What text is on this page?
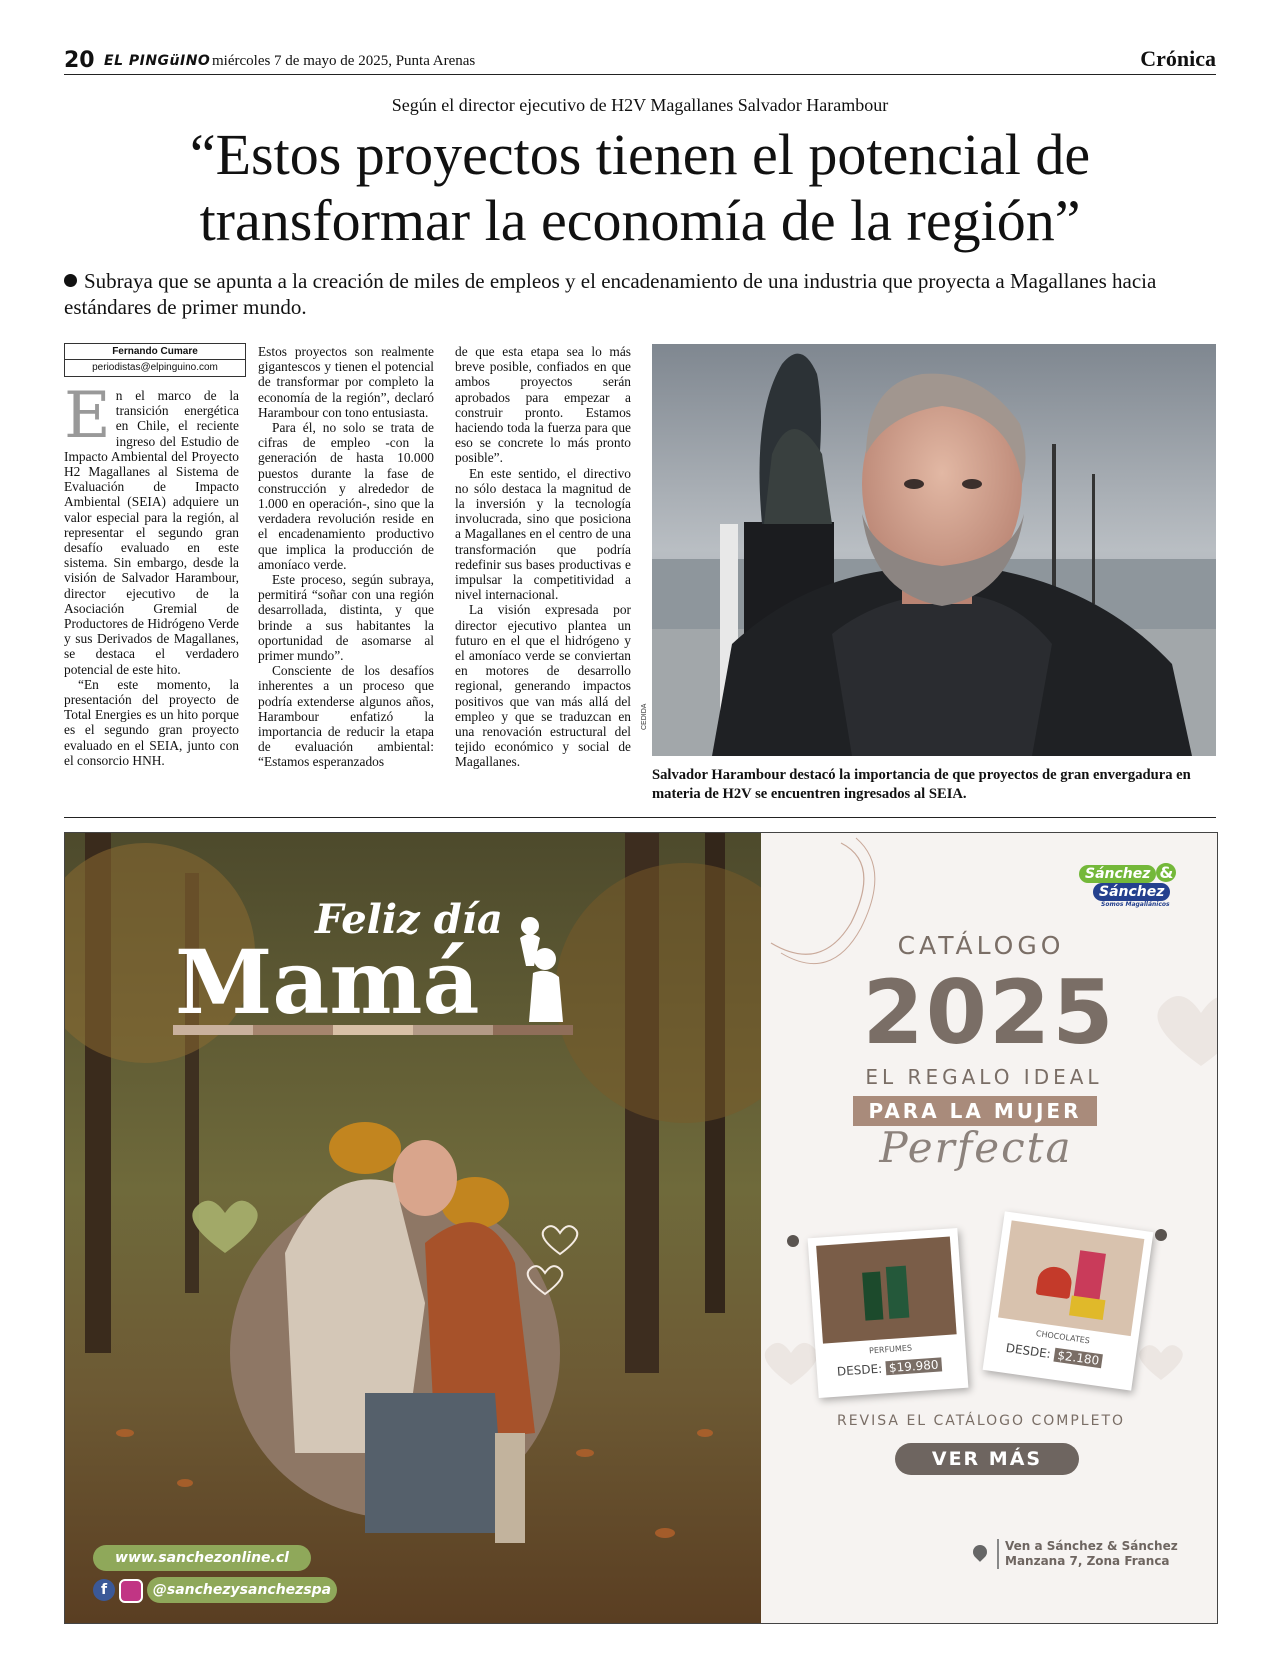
20 EL PINGüINO miércoles 7 de mayo de 2025, Punta Arenas	Crónica
Según el director ejecutivo de H2V Magallanes Salvador Harambour
“Estos proyectos tienen el potencial de transformar la economía de la región”
Subraya que se apunta a la creación de miles de empleos y el encadenamiento de una industria que proyecta a Magallanes hacia estándares de primer mundo.
Fernando Cumare
periodistas@elpinguino.com

En el marco de la transición energética en Chile, el reciente ingreso del Estudio de Impacto Ambiental del Proyecto H2 Magallanes al Sistema de Evaluación de Impacto Ambiental (SEIA) adquiere un valor especial para la región, al representar el segundo gran desafío evaluado en este sistema. Sin embargo, desde la visión de Salvador Harambour, director ejecutivo de la Asociación Gremial de Productores de Hidrógeno Verde y sus Derivados de Magallanes, se destaca el verdadero potencial de este hito.

“En este momento, la presentación del proyecto de Total Energies es un hito porque es el segundo gran proyecto evaluado en el SEIA, junto con el consorcio HNH.

Estos proyectos son realmente gigantescos y tienen el potencial de transformar por completo la economía de la región”, declaró Harambour con tono entusiasta.

Para él, no solo se trata de cifras de empleo -con la generación de hasta 10.000 puestos durante la fase de construcción y alrededor de 1.000 en operación-, sino que la verdadera revolución reside en el encadenamiento productivo que implica la producción de amoníaco verde.

Este proceso, según subraya, permitirá “soñar con una región desarrollada, distinta, y que brinde a sus habitantes la oportunidad de asomarse al primer mundo”.

Consciente de los desafíos inherentes a un proceso que podría extenderse algunos años, Harambour enfatizó la importancia de reducir la etapa de evaluación ambiental: “Estamos esperanzados

de que esta etapa sea lo más breve posible, confiados en que ambos proyectos serán aprobados para empezar a construir pronto. Estamos haciendo toda la fuerza para que eso se concrete lo más pronto posible”.

En este sentido, el directivo no sólo destaca la magnitud de la inversión y la tecnología involucrada, sino que posiciona a Magallanes en el centro de una transformación que podría redefinir sus bases productivas e impulsar la competitividad a nivel internacional.

La visión expresada por director ejecutivo plantea un futuro en el que el hidrógeno y el amoníaco verde se conviertan en motores de desarrollo regional, generando impactos positivos que van más allá del empleo y que se traduzcan en una renovación estructural del tejido económico y social de Magallanes.

CEDIDA
Salvador Harambour destacó la importancia de que proyectos de gran envergadura en materia de H2V se encuentren ingresados al SEIA.
Feliz día
Mamá
www.sanchezonline.cl
f	@sanchezysanchezspa
Sánchez & Sánchez
Somos Magallánicos
CATÁLOGO
2025
EL REGALO IDEAL
PARA LA MUJER
Perfecta
PERFUMES
DESDE: $19.980
CHOCOLATES
DESDE: $2.180
REVISA EL CATÁLOGO COMPLETO
VER MÁS
Ven a Sánchez & Sánchez
Manzana 7, Zona Franca
